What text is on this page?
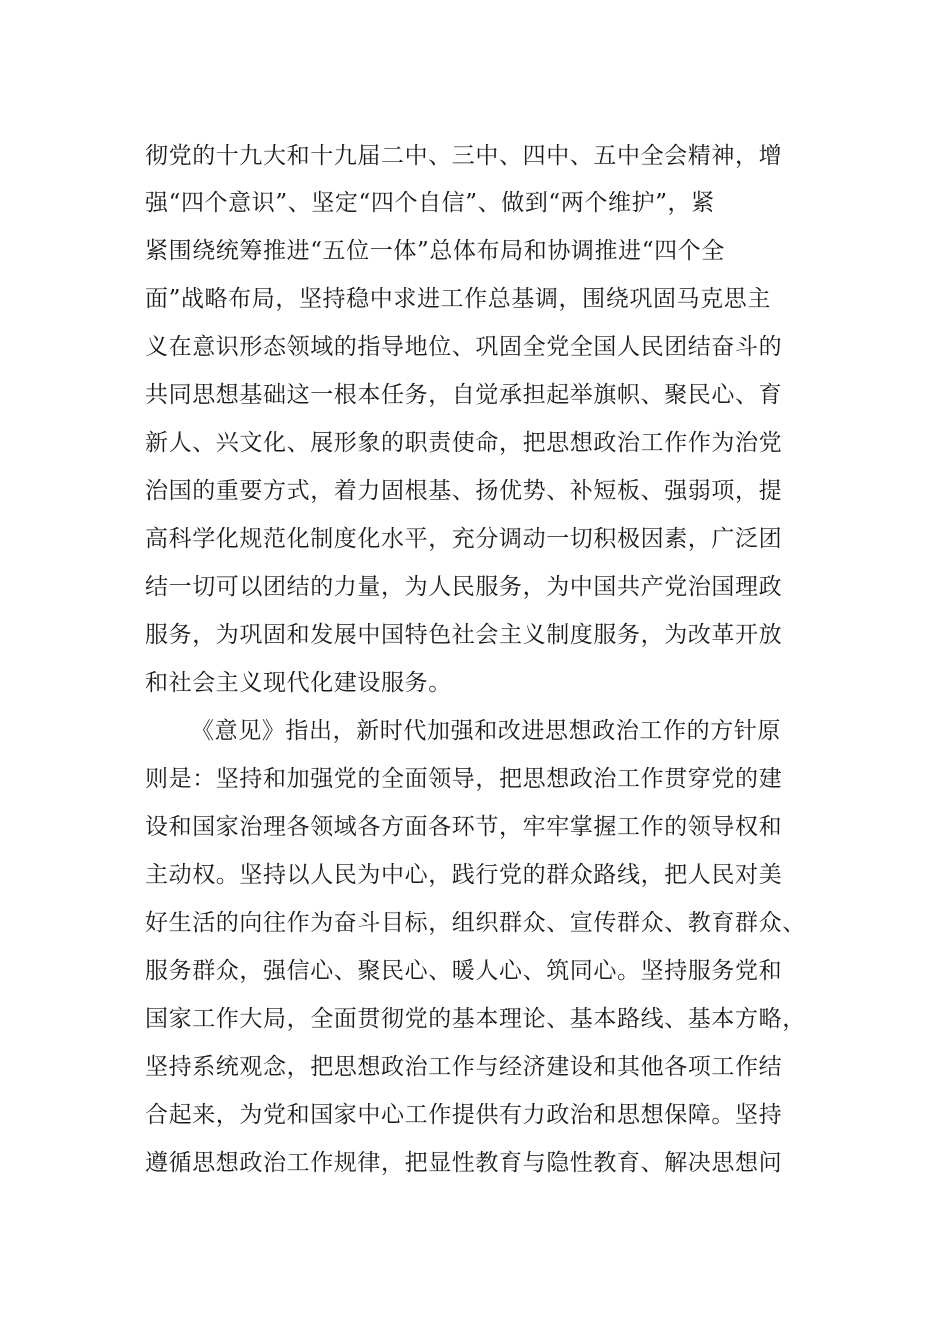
彻党的十九大和十九届二中、三中、四中、五中全会精神，增
强“四个意识”、坚定“四个自信”、做到“两个维护”，紧
紧围绕统筹推进“五位一体”总体布局和协调推进“四个全
面”战略布局，坚持稳中求进工作总基调，围绕巩固马克思主
义在意识形态领域的指导地位、巩固全党全国人民团结奋斗的
共同思想基础这一根本任务，自觉承担起举旗帜、聚民心、育
新人、兴文化、展形象的职责使命，把思想政治工作作为治党
治国的重要方式，着力固根基、扬优势、补短板、强弱项，提
高科学化规范化制度化水平，充分调动一切积极因素，广泛团
结一切可以团结的力量，为人民服务，为中国共产党治国理政
服务，为巩固和发展中国特色社会主义制度服务，为改革开放
和社会主义现代化建设服务。
《意见》指出，新时代加强和改进思想政治工作的方针原
则是：坚持和加强党的全面领导，把思想政治工作贯穿党的建
设和国家治理各领域各方面各环节，牢牢掌握工作的领导权和
主动权。坚持以人民为中心，践行党的群众路线，把人民对美
好生活的向往作为奋斗目标，组织群众、宣传群众、教育群众、
服务群众，强信心、聚民心、暖人心、筑同心。坚持服务党和
国家工作大局，全面贯彻党的基本理论、基本路线、基本方略，
坚持系统观念，把思想政治工作与经济建设和其他各项工作结
合起来，为党和国家中心工作提供有力政治和思想保障。坚持
遵循思想政治工作规律，把显性教育与隐性教育、解决思想问
